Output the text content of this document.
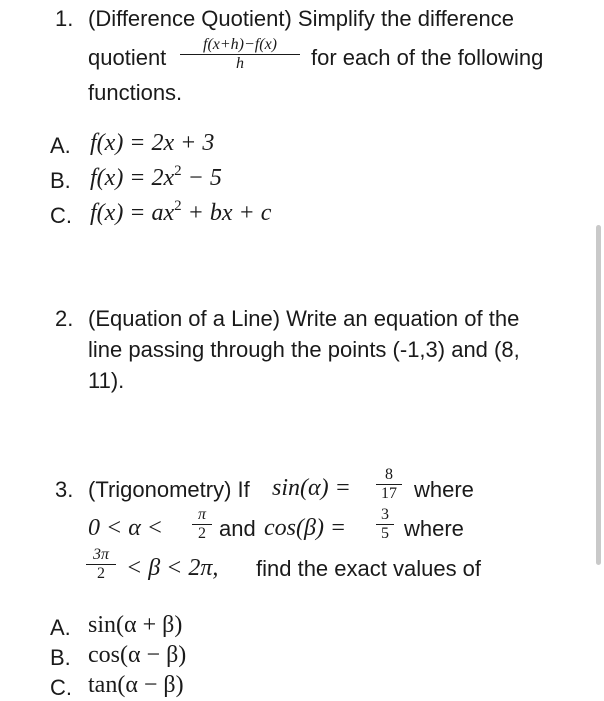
1. (Difference Quotient) Simplify the difference
quotient
f(x+h)−f(x)
h	for each of the following
functions.
A. f(x) = 2x + 3
B. $f(x) = 2x^2 - 5$
C. $f(x) = ax^2$ + bx + c
2. (Equation of a Line) Write an equation of the
line passing through the points (-1,3) and (8,
11).
3. (Trigonometry) If sin(α) =
8
17 where
0 < α <
π
2 and cos(β) =
3
5 where
3π
2 < β < 2π, find the exact values of
A. sin(α + β)
B. cos(α − β)
C. tan(α − β)
